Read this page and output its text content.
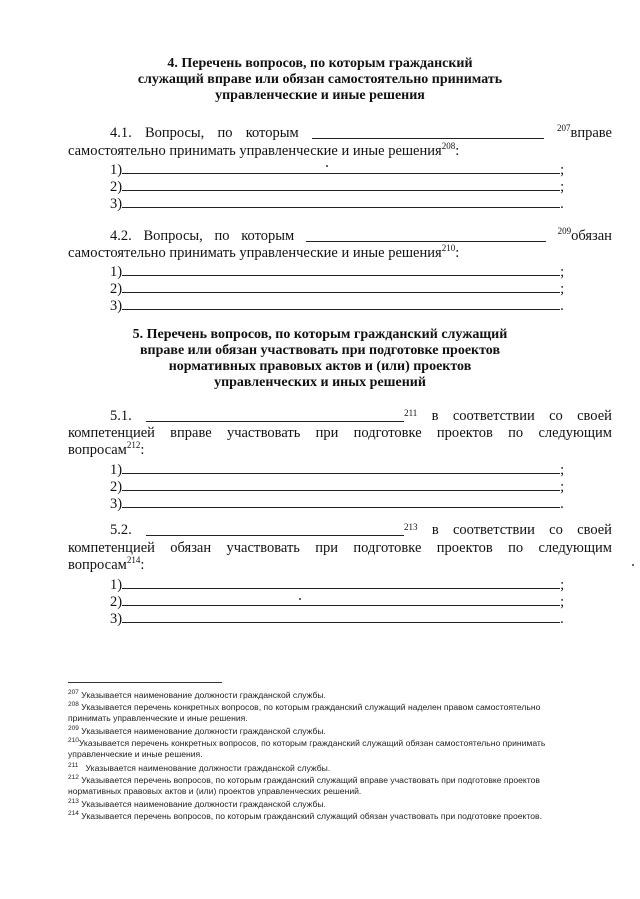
4. Перечень вопросов, по которым гражданский
служащий вправе или обязан самостоятельно принимать
управленческие и иные решения
4.1. Вопросы, по которым	$^{207}$вправе
самостоятельно принимать управленческие и иные решения$^{208}$:
1)	;
2)	;
3)	.
4.2. Вопросы, по которым	$^{209}$обязан
самостоятельно принимать управленческие и иные решения$^{210}$:
1)	;
2)	;
3)	.
5. Перечень вопросов, по которым гражданский служащий
вправе или обязан участвовать при подготовке проектов
нормативных правовых актов и (или) проектов
управленческих и иных решений
5.1.	$^{211}$ в соответствии со своей
компетенцией вправе участвовать при подготовке проектов по следующим
вопросам$^{212}$:
1)	;
2)	;
3)	.
5.2.	$^{213}$ в соответствии со своей
компетенцией обязан участвовать при подготовке проектов по следующим
вопросам$^{214}$:
1)	;
2)	;
3)	.
$^{207}$ Указывается наименование должности гражданской службы.
$^{208}$ Указывается перечень конкретных вопросов, по которым гражданский служащий наделен правом самостоятельно
принимать управленческие и иные решения.
$^{209}$ Указывается наименование должности гражданской службы.
$^{210}$Указывается перечень конкретных вопросов, по которым гражданский служащий обязан самостоятельно принимать
управленческие и иные решения.
$^{211}$ Указывается наименование должности гражданской службы.
$^{212}$ Указывается перечень вопросов, по которым гражданский служащий вправе участвовать при подготовке проектов
нормативных правовых актов и (или) проектов управленческих решений.
$^{213}$ Указывается наименование должности гражданской службы.
$^{214}$ Указывается перечень вопросов, по которым гражданский служащий обязан участвовать при подготовке проектов.
